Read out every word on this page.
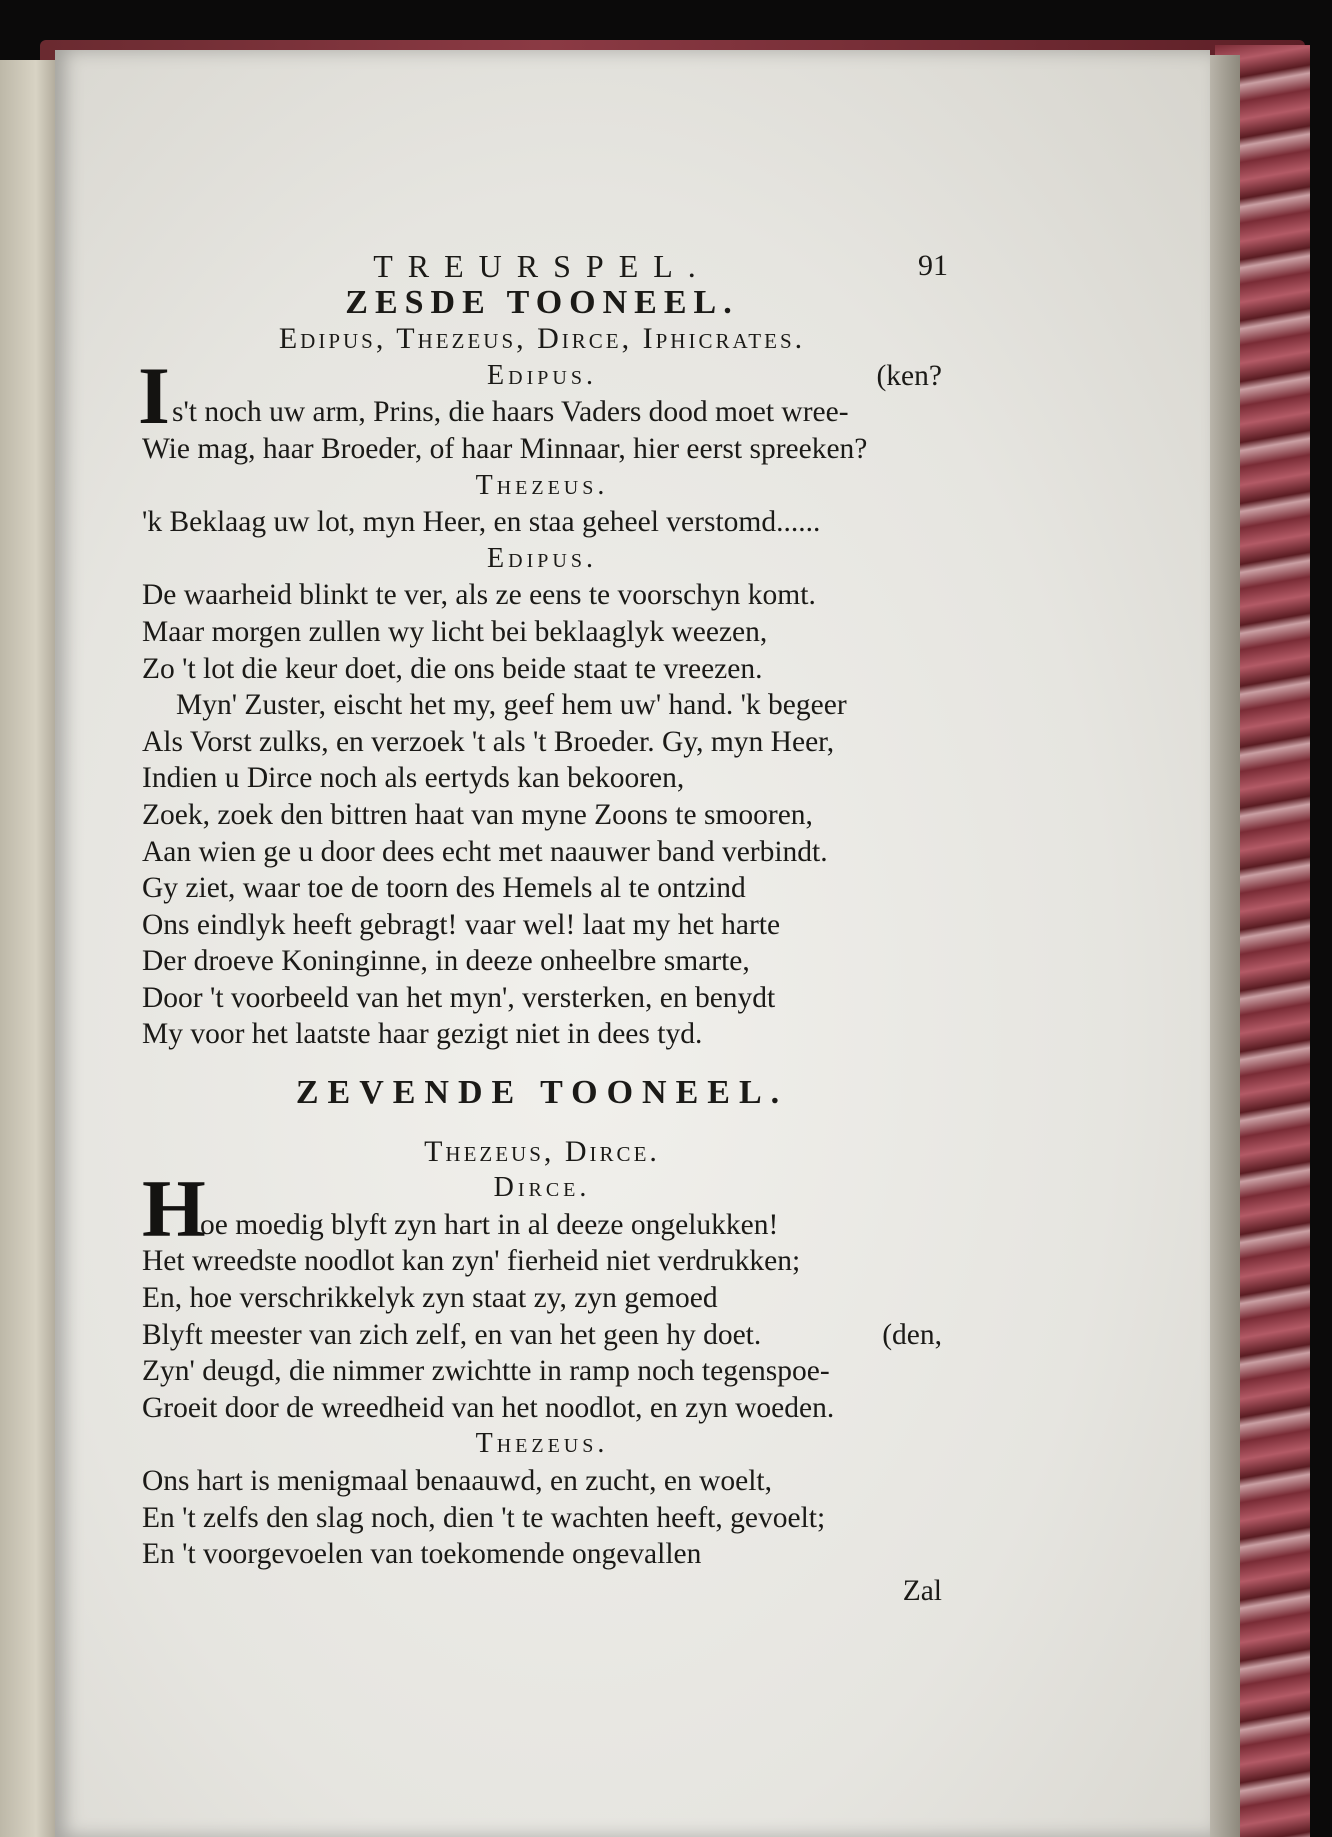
TREURSPEL.	91
ZESDE TOONEEL.
Edipus, Thezeus, Dirce, Iphicrates.
Edipus.	(ken?
I s't noch uw arm, Prins, die haars Vaders dood moet wree-
Wie mag, haar Broeder, of haar Minnaar, hier eerst spreeken?
Thezeus.
'k Beklaag uw lot, myn Heer, en staa geheel verstomd......
Edipus.
De waarheid blinkt te ver, als ze eens te voorschyn komt.
Maar morgen zullen wy licht bei beklaaglyk weezen,
Zo 't lot die keur doet, die ons beide staat te vreezen.
Myn' Zuster, eischt het my, geef hem uw' hand. 'k begeer
Als Vorst zulks, en verzoek 't als 't Broeder. Gy, myn Heer,
Indien u Dirce noch als eertyds kan bekooren,
Zoek, zoek den bittren haat van myne Zoons te smooren,
Aan wien ge u door dees echt met naauwer band verbindt.
Gy ziet, waar toe de toorn des Hemels al te ontzind
Ons eindlyk heeft gebragt! vaar wel! laat my het harte
Der droeve Koninginne, in deeze onheelbre smarte,
Door 't voorbeeld van het myn', versterken, en benydt
My voor het laatste haar gezigt niet in dees tyd.
ZEVENDE TOONEEL.
Thezeus, Dirce.
Dirce.
H
oe moedig blyft zyn hart in al deeze ongelukken!
Het wreedste noodlot kan zyn' fierheid niet verdrukken;
En, hoe verschrikkelyk zyn staat zy, zyn gemoed
Blyft meester van zich zelf, en van het geen hy doet.	(den,
Zyn' deugd, die nimmer zwichtte in ramp noch tegenspoe-
Groeit door de wreedheid van het noodlot, en zyn woeden.
Thezeus.
Ons hart is menigmaal benaauwd, en zucht, en woelt,
En 't zelfs den slag noch, dien 't te wachten heeft, gevoelt;
En 't voorgevoelen van toekomende ongevallen
Zal
